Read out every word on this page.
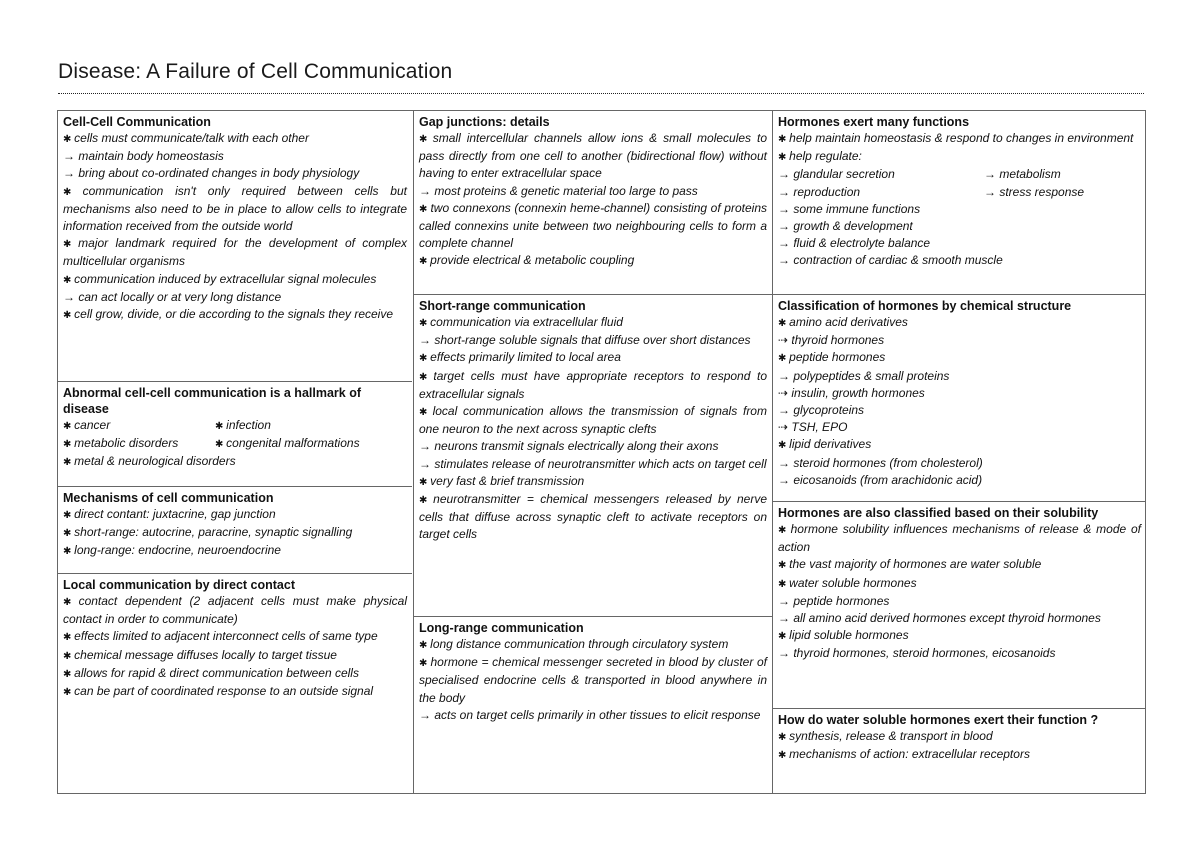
Disease: A Failure of Cell Communication
Cell-Cell Communication

✱ cells must communicate/talk with each other

→ maintain body homeostasis

→ bring about co-ordinated changes in body physiology

✱ communication isn't only required between cells but mechanisms also need to be in place to allow cells to integrate information received from the outside world

✱ major landmark required for the development of complex multicellular organisms

✱ communication induced by extracellular signal molecules

→ can act locally or at very long distance

✱ cell grow, divide, or die according to the signals they receive

Abnormal cell-cell communication is a hallmark of disease

✱ cancer	✱ infection

✱ metabolic disorders	✱ congenital malformations

✱ metal & neurological disorders

Mechanisms of cell communication

✱ direct contant: juxtacrine, gap junction

✱ short-range: autocrine, paracrine, synaptic signalling

✱ long-range: endocrine, neuroendocrine

Local communication by direct contact

✱ contact dependent (2 adjacent cells must make physical contact in order to communicate)

✱ effects limited to adjacent interconnect cells of same type

✱ chemical message diffuses locally to target tissue

✱ allows for rapid & direct communication between cells

✱ can be part of coordinated response to an outside signal

Gap junctions: details

✱ small intercellular channels allow ions & small molecules to pass directly from one cell to another (bidirectional flow) without having to enter extracellular space

→ most proteins & genetic material too large to pass

✱ two connexons (connexin heme-channel) consisting of proteins called connexins unite between two neighbouring cells to form a complete channel

✱ provide electrical & metabolic coupling

Short-range communication

✱ communication via extracellular fluid

→ short-range soluble signals that diffuse over short distances

✱ effects primarily limited to local area

✱ target cells must have appropriate receptors to respond to extracellular signals

✱ local communication allows the transmission of signals from one neuron to the next across synaptic clefts

→ neurons transmit signals electrically along their axons

→ stimulates release of neurotransmitter which acts on target cell

✱ very fast & brief transmission

✱ neurotransmitter = chemical messengers released by nerve cells that diffuse across synaptic cleft to activate receptors on target cells

Long-range communication

✱ long distance communication through circulatory system

✱ hormone = chemical messenger secreted in blood by cluster of specialised endocrine cells & transported in blood anywhere in the body

→ acts on target cells primarily in other tissues to elicit response

Hormones exert many functions

✱ help maintain homeostasis & respond to changes in environment

✱ help regulate:

→ glandular secretion	→ metabolism

→ reproduction	→ stress response

→ some immune functions

→ growth & development

→ fluid & electrolyte balance

→ contraction of cardiac & smooth muscle

Classification of hormones by chemical structure

✱ amino acid derivatives

⇢ thyroid hormones

✱ peptide hormones

→ polypeptides & small proteins

⇢ insulin, growth hormones

→ glycoproteins

⇢ TSH, EPO

✱ lipid derivatives

→ steroid hormones (from cholesterol)

→ eicosanoids (from arachidonic acid)

Hormones are also classified based on their solubility

✱ hormone solubility influences mechanisms of release & mode of action

✱ the vast majority of hormones are water soluble

✱ water soluble hormones

→ peptide hormones

→ all amino acid derived hormones except thyroid hormones

✱ lipid soluble hormones

→ thyroid hormones, steroid hormones, eicosanoids

How do water soluble hormones exert their function ?

✱ synthesis, release & transport in blood

✱ mechanisms of action: extracellular receptors
